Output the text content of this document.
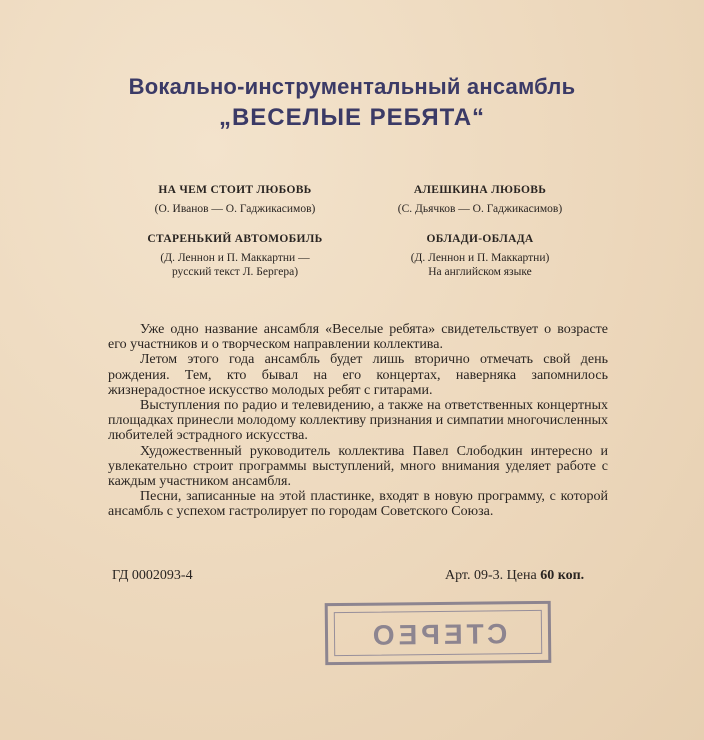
Вокально-инструментальный ансамбль
„ВЕСЕЛЫЕ РЕБЯТА“
НА ЧЕМ СТОИТ ЛЮБОВЬ
(О. Иванов — О. Гаджикасимов)
АЛЕШКИНА ЛЮБОВЬ
(С. Дьячков — О. Гаджикасимов)
СТАРЕНЬКИЙ АВТОМОБИЛЬ
(Д. Леннон и П. Маккартни —
русский текст Л. Бергера)
ОБЛАДИ-ОБЛАДА
(Д. Леннон и П. Маккартни)
На английском языке

Уже одно название ансамбля «Веселые ребята» свидетельствует о возрасте его участников и о творческом направлении коллектива.

Летом этого года ансамбль будет лишь вторично отмечать свой день рождения. Тем, кто бывал на его концертах, наверняка запомнилось жизнерадостное искусство молодых ребят с гитарами.

Выступления по радио и телевидению, а также на ответственных концертных площадках принесли молодому коллективу признания и симпатии многочисленных любителей эстрадного искусства.

Художественный руководитель коллектива Павел Слободкин интересно и увлекательно строит программы выступлений, много внимания уделяет работе с каждым участником ансамбля.

Песни, записанные на этой пластинке, входят в новую программу, с которой ансамбль с успехом гастролирует по городам Советского Союза.

ГД 0002093-4	Арт. 09-3. Цена 60 коп.
СТЕРЕО
